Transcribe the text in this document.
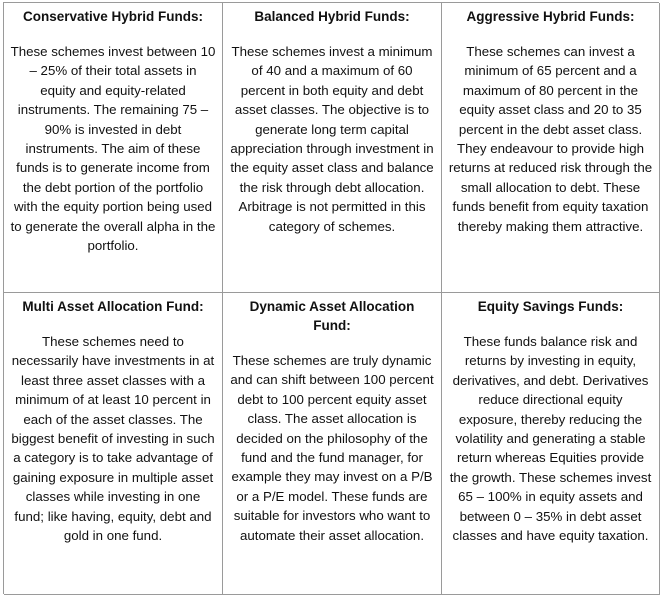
Conservative Hybrid Funds:

These schemes invest between 10 – 25% of their total assets in equity and equity-related instruments. The remaining 75 – 90% is invested in debt instruments. The aim of these funds is to generate income from the debt portion of the portfolio with the equity portion being used to generate the overall alpha in the portfolio.

Balanced Hybrid Funds:

These schemes invest a minimum of 40 and a maximum of 60 percent in both equity and debt asset classes. The objective is to generate long term capital appreciation through investment in the equity asset class and balance the risk through debt allocation. Arbitrage is not permitted in this category of schemes.

Aggressive Hybrid Funds:

These schemes can invest a minimum of 65 percent and a maximum of 80 percent in the equity asset class and 20 to 35 percent in the debt asset class. They endeavour to provide high returns at reduced risk through the small allocation to debt. These funds benefit from equity taxation thereby making them attractive.

Multi Asset Allocation Fund:

These schemes need to necessarily have investments in at least three asset classes with a minimum of at least 10 percent in each of the asset classes. The biggest benefit of investing in such a category is to take advantage of gaining exposure in multiple asset classes while investing in one fund; like having, equity, debt and gold in one fund.

Dynamic Asset Allocation Fund:

These schemes are truly dynamic and can shift between 100 percent debt to 100 percent equity asset class. The asset allocation is decided on the philosophy of the fund and the fund manager, for example they may invest on a P/B or a P/E model. These funds are suitable for investors who want to automate their asset allocation.

Equity Savings Funds:

These funds balance risk and returns by investing in equity, derivatives, and debt. Derivatives reduce directional equity exposure, thereby reducing the volatility and generating a stable return whereas Equities provide the growth. These schemes invest 65 – 100% in equity assets and between 0 – 35% in debt asset classes and have equity taxation.
